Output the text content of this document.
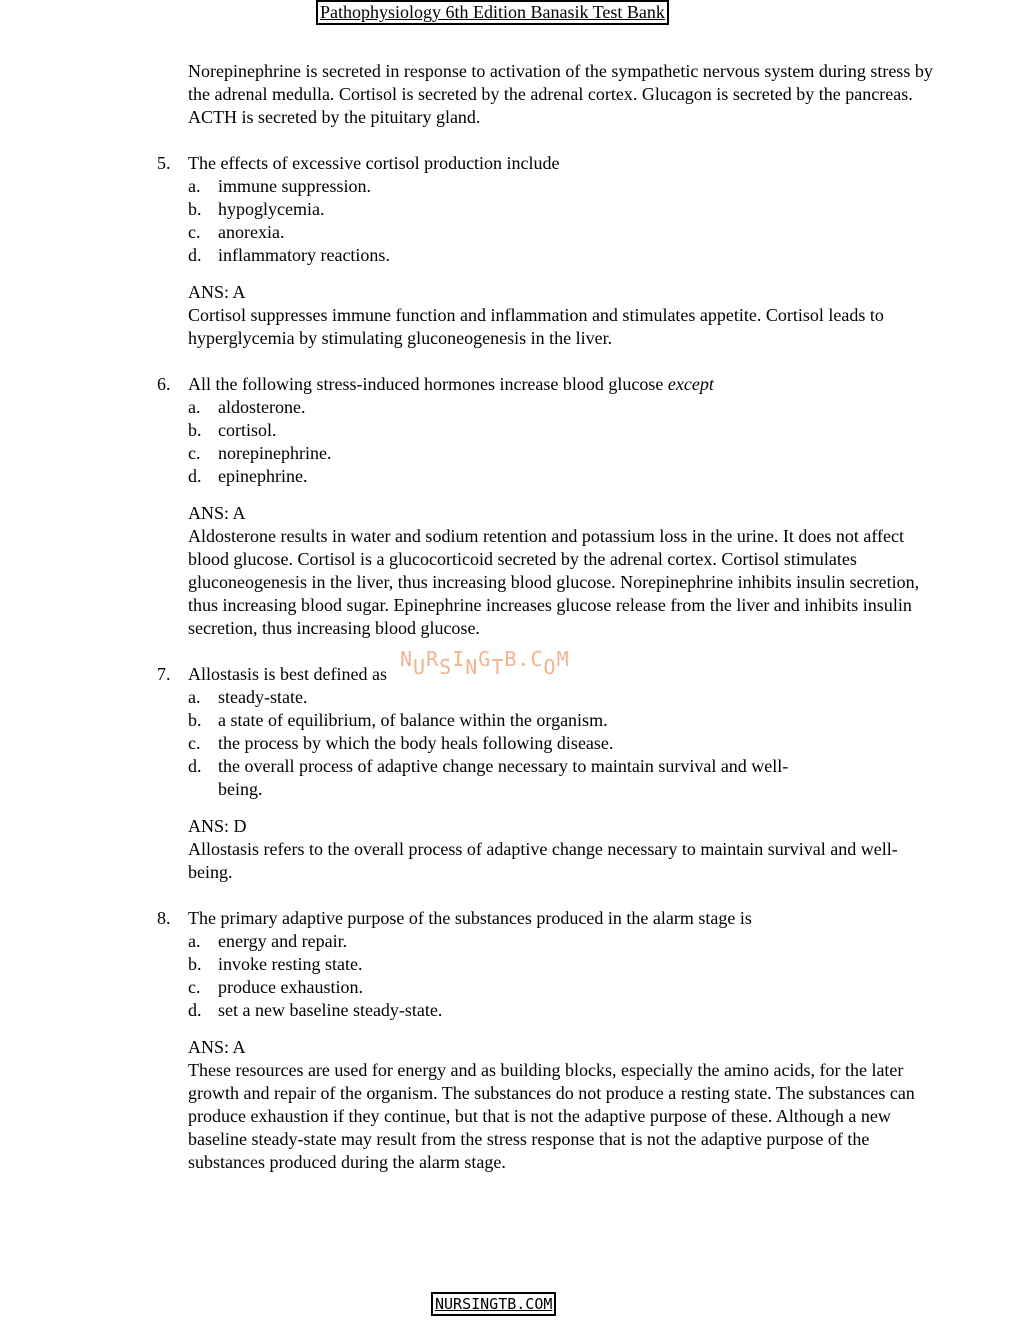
Pathophysiology 6th Edition Banasik Test Bank

Norepinephrine is secreted in response to activation of the sympathetic nervous system during stress by the adrenal medulla. Cortisol is secreted by the adrenal cortex. Glucagon is secreted by the pancreas. ACTH is secreted by the pituitary gland.

5. The effects of excessive cortisol production include

a. immune suppression.
b. hypoglycemia.
c. anorexia.
d. inflammatory reactions.
ANS: A

Cortisol suppresses immune function and inflammation and stimulates appetite. Cortisol leads to hyperglycemia by stimulating gluconeogenesis in the liver.

6. All the following stress-induced hormones increase blood glucose except

a. aldosterone.
b. cortisol.
c. norepinephrine.
d. epinephrine.
ANS: A

Aldosterone results in water and sodium retention and potassium loss in the urine. It does not affect blood glucose. Cortisol is a glucocorticoid secreted by the adrenal cortex. Cortisol stimulates gluconeogenesis in the liver, thus increasing blood glucose. Norepinephrine inhibits insulin secretion, thus increasing blood sugar. Epinephrine increases glucose release from the liver and inhibits insulin secretion, thus increasing blood glucose.

7. Allostasis is best defined as

a. steady-state.
b. a state of equilibrium, of balance within the organism.
c. the process by which the body heals following disease.
d. the overall process of adaptive change necessary to maintain survival and well-being.
ANS: D

Allostasis refers to the overall process of adaptive change necessary to maintain survival and well-being.

8. The primary adaptive purpose of the substances produced in the alarm stage is

a. energy and repair.
b. invoke resting state.
c. produce exhaustion.
d. set a new baseline steady-state.
ANS: A

These resources are used for energy and as building blocks, especially the amino acids, for the later growth and repair of the organism. The substances do not produce a resting state. The substances can produce exhaustion if they continue, but that is not the adaptive purpose of these. Although a new baseline steady-state may result from the stress response that is not the adaptive purpose of the substances produced during the alarm stage.

NURSINGTB.COM
NURSINGTB.COM
